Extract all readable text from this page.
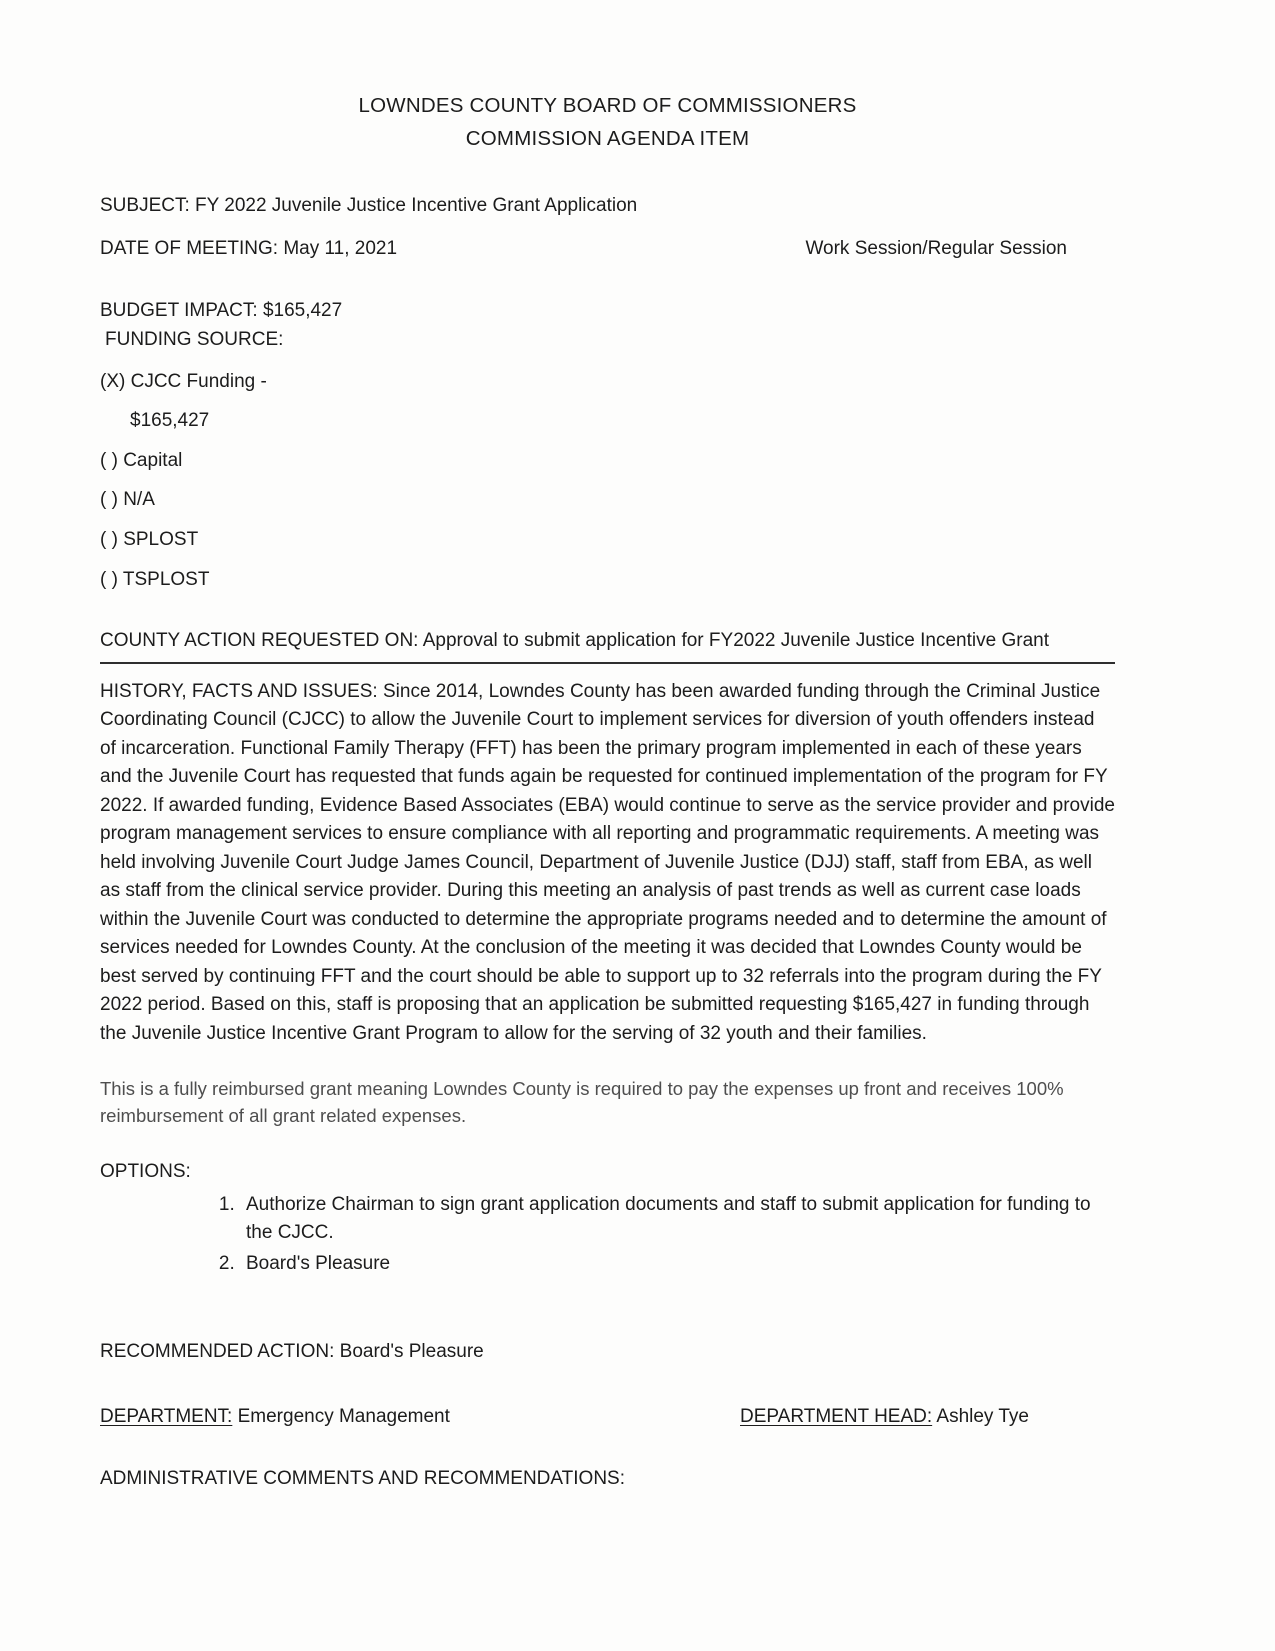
LOWNDES COUNTY BOARD OF COMMISSIONERS
COMMISSION AGENDA ITEM
SUBJECT: FY 2022 Juvenile Justice Incentive Grant Application
DATE OF MEETING: May 11, 2021	Work Session/Regular Session
BUDGET IMPACT: $165,427
FUNDING SOURCE:
(X) CJCC Funding -
$165,427
( ) Capital
( ) N/A
( ) SPLOST
( ) TSPLOST
COUNTY ACTION REQUESTED ON: Approval to submit application for FY2022 Juvenile Justice Incentive Grant
HISTORY, FACTS AND ISSUES: Since 2014, Lowndes County has been awarded funding through the Criminal Justice Coordinating Council (CJCC) to allow the Juvenile Court to implement services for diversion of youth offenders instead of incarceration. Functional Family Therapy (FFT) has been the primary program implemented in each of these years and the Juvenile Court has requested that funds again be requested for continued implementation of the program for FY 2022. If awarded funding, Evidence Based Associates (EBA) would continue to serve as the service provider and provide program management services to ensure compliance with all reporting and programmatic requirements. A meeting was held involving Juvenile Court Judge James Council, Department of Juvenile Justice (DJJ) staff, staff from EBA, as well as staff from the clinical service provider. During this meeting an analysis of past trends as well as current case loads within the Juvenile Court was conducted to determine the appropriate programs needed and to determine the amount of services needed for Lowndes County. At the conclusion of the meeting it was decided that Lowndes County would be best served by continuing FFT and the court should be able to support up to 32 referrals into the program during the FY 2022 period. Based on this, staff is proposing that an application be submitted requesting $165,427 in funding through the Juvenile Justice Incentive Grant Program to allow for the serving of 32 youth and their families.
This is a fully reimbursed grant meaning Lowndes County is required to pay the expenses up front and receives 100% reimbursement of all grant related expenses.
OPTIONS:
1. Authorize Chairman to sign grant application documents and staff to submit application for funding to the CJCC.
2. Board's Pleasure
RECOMMENDED ACTION: Board's Pleasure
DEPARTMENT: Emergency Management	DEPARTMENT HEAD: Ashley Tye
ADMINISTRATIVE COMMENTS AND RECOMMENDATIONS:
